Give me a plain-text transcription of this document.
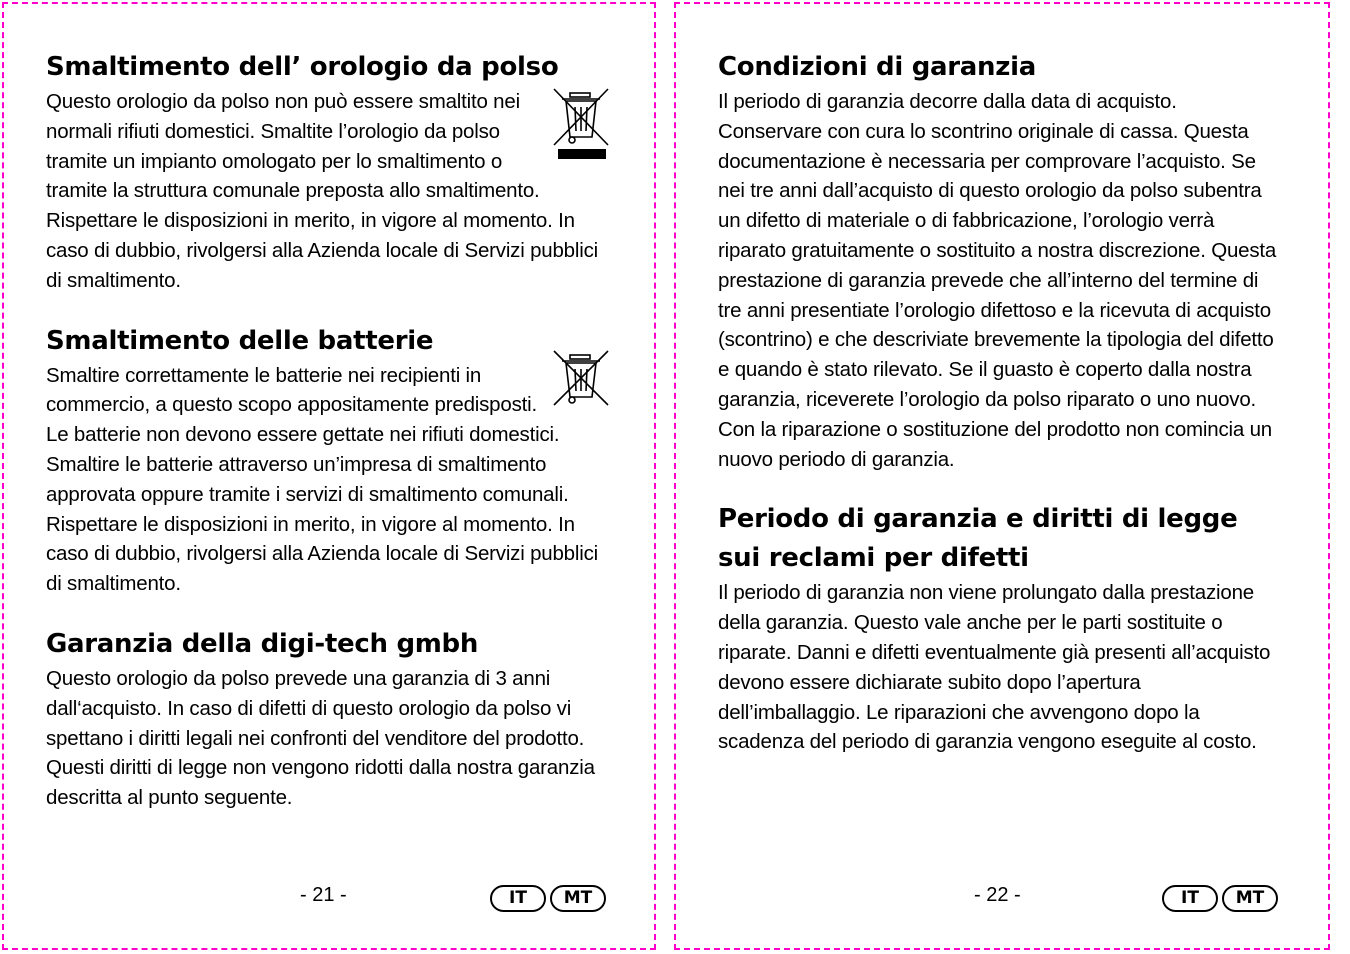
Smaltimento dell’ orologio da polso

Questo orologio da polso non può essere smaltito nei normali rifiuti domestici. Smaltite l’orologio da polso tramite un impianto omologato per lo smaltimento o tramite la struttura comunale preposta allo smaltimento. Rispettare le disposizioni in merito, in vigore al momento. In caso di dubbio, rivolgersi alla Azienda locale di Servizi pubblici di smaltimento.

Smaltimento delle batterie

Smaltire correttamente le batterie nei recipienti in commercio, a questo scopo appositamente predisposti. Le batterie non devono essere gettate nei rifiuti domestici. Smaltire le batterie attraverso un’impresa di smaltimento approvata oppure tramite i servizi di smaltimento comunali. Rispettare le disposizioni in merito, in vigore al momento. In caso di dubbio, rivolgersi alla Azienda locale di Servizi pubblici di smaltimento.

Garanzia della digi-tech gmbh

Questo orologio da polso prevede una garanzia di 3 anni dall‘acquisto. In caso di difetti di questo orologio da polso vi spettano i diritti legali nei confronti del venditore del prodotto.

Questi diritti di legge non vengono ridotti dalla nostra garanzia descritta al punto seguente.

- 21 -	IT	MT
Condizioni di garanzia

Il periodo di garanzia decorre dalla data di acquisto. Conservare con cura lo scontrino originale di cassa. Questa documentazione è necessaria per comprovare l’acquisto. Se nei tre anni dall’acquisto di questo orologio da polso subentra un difetto di materiale o di fabbricazione, l’orologio verrà riparato gratuitamente o sostituito a nostra discrezione. Questa prestazione di garanzia prevede che all’interno del termine di tre anni presentiate l’orologio difettoso e la ricevuta di acquisto (scontrino) e che descriviate brevemente la tipologia del difetto e quando è stato rilevato. Se il guasto è coperto dalla nostra garanzia, riceverete l’orologio da polso riparato o uno nuovo. Con la riparazione o sostituzione del prodotto non comincia un nuovo periodo di garanzia.

Periodo di garanzia e diritti di legge sui reclami per difetti

Il periodo di garanzia non viene prolungato dalla prestazione della garanzia. Questo vale anche per le parti sostituite o riparate. Danni e difetti eventualmente già presenti all’acquisto devono essere dichiarate subito dopo l’apertura dell’imballaggio. Le riparazioni che avvengono dopo la scadenza del periodo di garanzia vengono eseguite al costo.

- 22 -	IT	MT
